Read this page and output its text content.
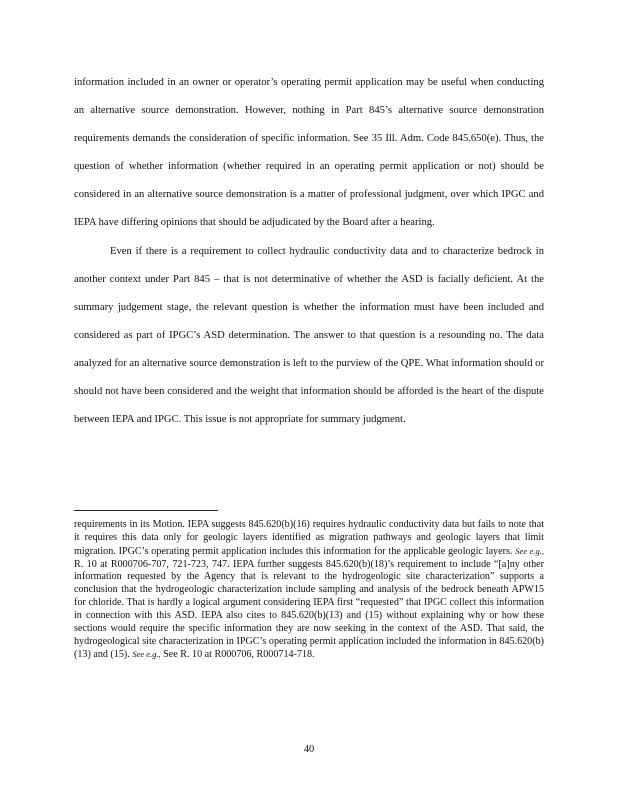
information included in an owner or operator’s operating permit application may be useful when conducting an alternative source demonstration. However, nothing in Part 845’s alternative source demonstration requirements demands the consideration of specific information. See 35 Ill. Adm. Code 845.650(e). Thus, the question of whether information (whether required in an operating permit application or not) should be considered in an alternative source demonstration is a matter of professional judgment, over which IPGC and IEPA have differing opinions that should be adjudicated by the Board after a hearing.

Even if there is a requirement to collect hydraulic conductivity data and to characterize bedrock in another context under Part 845 – that is not determinative of whether the ASD is facially deficient. At the summary judgement stage, the relevant question is whether the information must have been included and considered as part of IPGC’s ASD determination. The answer to that question is a resounding no. The data analyzed for an alternative source demonstration is left to the purview of the QPE. What information should or should not have been considered and the weight that information should be afforded is the heart of the dispute between IEPA and IPGC. This issue is not appropriate for summary judgment.

requirements in its Motion. IEPA suggests 845.620(b)(16) requires hydraulic conductivity data but fails to note that it requires this data only for geologic layers identified as migration pathways and geologic layers that limit migration. IPGC’s operating permit application includes this information for the applicable geologic layers. See e.g., R. 10 at R000706-707, 721-723, 747. IEPA further suggests 845.620(b)(18)’s requirement to include “[a]ny other information requested by the Agency that is relevant to the hydrogeologic site characterization” supports a conclusion that the hydrogeologic characterization include sampling and analysis of the bedrock beneath APW15 for chloride. That is hardly a logical argument considering IEPA first “requested” that IPGC collect this information in connection with this ASD. IEPA also cites to 845.620(b)(13) and (15) without explaining why or how these sections would require the specific information they are now seeking in the context of the ASD. That said, the hydrogeological site characterization in IPGC’s operating permit application included the information in 845.620(b)(13) and (15). See e.g., See R. 10 at R000706, R000714-718.

40
